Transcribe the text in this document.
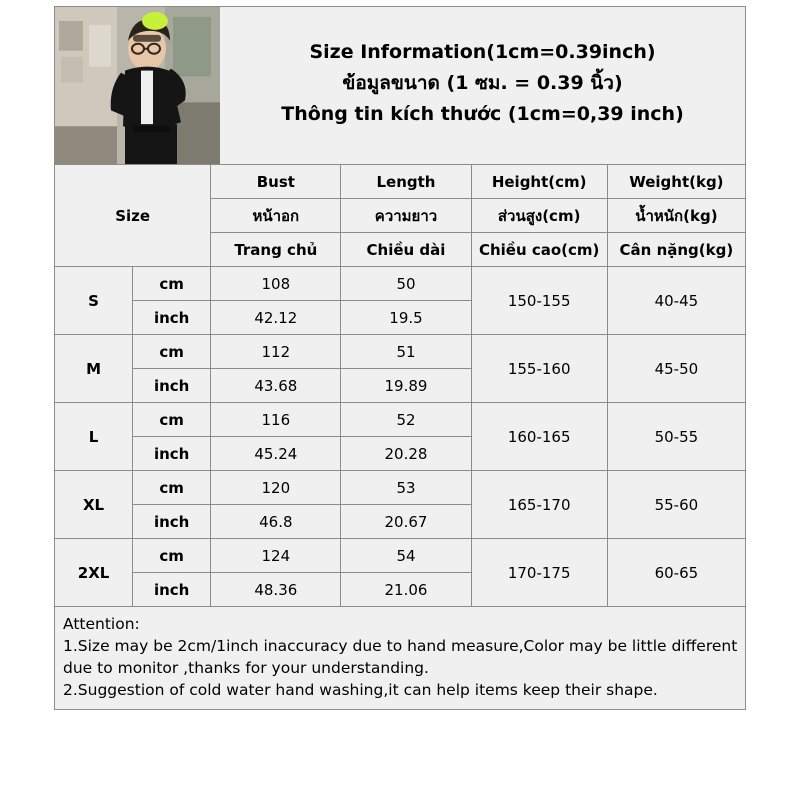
Size Information(1cm=0.39inch)
ข้อมูลขนาด (1 ซม. = 0.39 นิ้ว)
Thông tin kích thước (1cm=0,39 inch)
Size		Bust	Length	Height(cm)	Weight(kg)
		หน้าอก	ความยาว	ส่วนสูง(cm)	น้ำหนัก(kg)
		Trang chủ	Chiều dài	Chiều cao(cm)	Cân nặng(kg)
S	cm	108	50	150-155	40-45
	inch	42.12	19.5		
M	cm	112	51	155-160	45-50
	inch	43.68	19.89		
L	cm	116	52	160-165	50-55
	inch	45.24	20.28		
XL	cm	120	53	165-170	55-60
	inch	46.8	20.67		
2XL	cm	124	54	170-175	60-65
	inch	48.36	21.06		
Attention:
1.Size may be 2cm/1inch inaccuracy due to hand measure,Color may be little different
due to monitor ,thanks for your understanding.
2.Suggestion of cold water hand washing,it can help items keep their shape.
